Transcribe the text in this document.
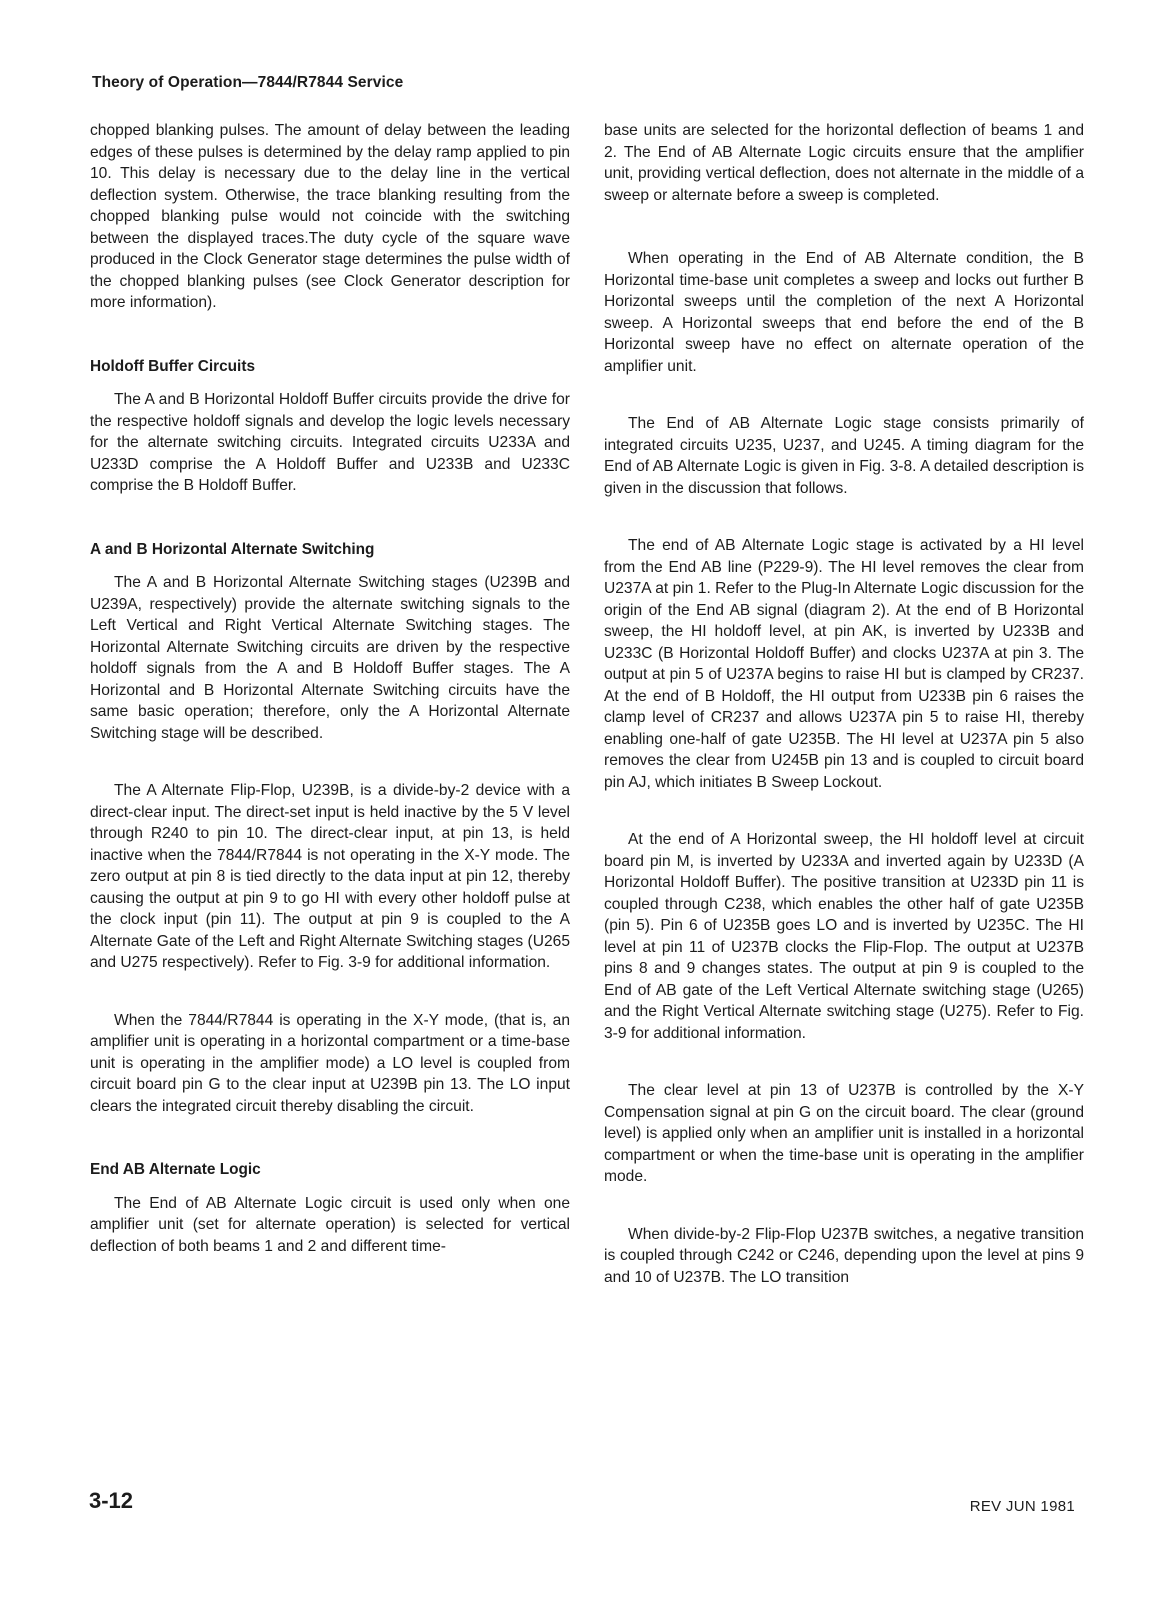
Theory of Operation—7844/R7844 Service

chopped blanking pulses. The amount of delay between the leading edges of these pulses is determined by the delay ramp applied to pin 10. This delay is necessary due to the delay line in the vertical deflection system. Otherwise, the trace blanking resulting from the chopped blanking pulse would not coincide with the switching between the displayed traces.The duty cycle of the square wave produced in the Clock Generator stage determines the pulse width of the chopped blanking pulses (see Clock Generator description for more information).

Holdoff Buffer Circuits

The A and B Horizontal Holdoff Buffer circuits provide the drive for the respective holdoff signals and develop the logic levels necessary for the alternate switching circuits. Integrated circuits U233A and U233D comprise the A Holdoff Buffer and U233B and U233C comprise the B Holdoff Buffer.

A and B Horizontal Alternate Switching

The A and B Horizontal Alternate Switching stages (U239B and U239A, respectively) provide the alternate switching signals to the Left Vertical and Right Vertical Alternate Switching stages. The Horizontal Alternate Switching circuits are driven by the respective holdoff signals from the A and B Holdoff Buffer stages. The A Horizontal and B Horizontal Alternate Switching circuits have the same basic operation; therefore, only the A Horizontal Alternate Switching stage will be described.

The A Alternate Flip-Flop, U239B, is a divide-by-2 device with a direct-clear input. The direct-set input is held inactive by the 5 V level through R240 to pin 10. The direct-clear input, at pin 13, is held inactive when the 7844/R7844 is not operating in the X-Y mode. The zero output at pin 8 is tied directly to the data input at pin 12, thereby causing the output at pin 9 to go HI with every other holdoff pulse at the clock input (pin 11). The output at pin 9 is coupled to the A Alternate Gate of the Left and Right Alternate Switching stages (U265 and U275 respectively). Refer to Fig. 3-9 for additional information.

When the 7844/R7844 is operating in the X-Y mode, (that is, an amplifier unit is operating in a horizontal compartment or a time-base unit is operating in the amplifier mode) a LO level is coupled from circuit board pin G to the clear input at U239B pin 13. The LO input clears the integrated circuit thereby disabling the circuit.

End AB Alternate Logic

The End of AB Alternate Logic circuit is used only when one amplifier unit (set for alternate operation) is selected for vertical deflection of both beams 1 and 2 and different time-

base units are selected for the horizontal deflection of beams 1 and 2. The End of AB Alternate Logic circuits ensure that the amplifier unit, providing vertical deflection, does not alternate in the middle of a sweep or alternate before a sweep is completed.

When operating in the End of AB Alternate condition, the B Horizontal time-base unit completes a sweep and locks out further B Horizontal sweeps until the completion of the next A Horizontal sweep. A Horizontal sweeps that end before the end of the B Horizontal sweep have no effect on alternate operation of the amplifier unit.

The End of AB Alternate Logic stage consists primarily of integrated circuits U235, U237, and U245. A timing diagram for the End of AB Alternate Logic is given in Fig. 3-8. A detailed description is given in the discussion that follows.

The end of AB Alternate Logic stage is activated by a HI level from the End AB line (P229-9). The HI level removes the clear from U237A at pin 1. Refer to the Plug-In Alternate Logic discussion for the origin of the End AB signal (diagram 2). At the end of B Horizontal sweep, the HI holdoff level, at pin AK, is inverted by U233B and U233C (B Horizontal Holdoff Buffer) and clocks U237A at pin 3. The output at pin 5 of U237A begins to raise HI but is clamped by CR237. At the end of B Holdoff, the HI output from U233B pin 6 raises the clamp level of CR237 and allows U237A pin 5 to raise HI, thereby enabling one-half of gate U235B. The HI level at U237A pin 5 also removes the clear from U245B pin 13 and is coupled to circuit board pin AJ, which initiates B Sweep Lockout.

At the end of A Horizontal sweep, the HI holdoff level at circuit board pin M, is inverted by U233A and inverted again by U233D (A Horizontal Holdoff Buffer). The positive transition at U233D pin 11 is coupled through C238, which enables the other half of gate U235B (pin 5). Pin 6 of U235B goes LO and is inverted by U235C. The HI level at pin 11 of U237B clocks the Flip-Flop. The output at U237B pins 8 and 9 changes states. The output at pin 9 is coupled to the End of AB gate of the Left Vertical Alternate switching stage (U265) and the Right Vertical Alternate switching stage (U275). Refer to Fig. 3-9 for additional information.

The clear level at pin 13 of U237B is controlled by the X-Y Compensation signal at pin G on the circuit board. The clear (ground level) is applied only when an amplifier unit is installed in a horizontal compartment or when the time-base unit is operating in the amplifier mode.

When divide-by-2 Flip-Flop U237B switches, a negative transition is coupled through C242 or C246, depending upon the level at pins 9 and 10 of U237B. The LO transition

3-12	REV JUN 1981
